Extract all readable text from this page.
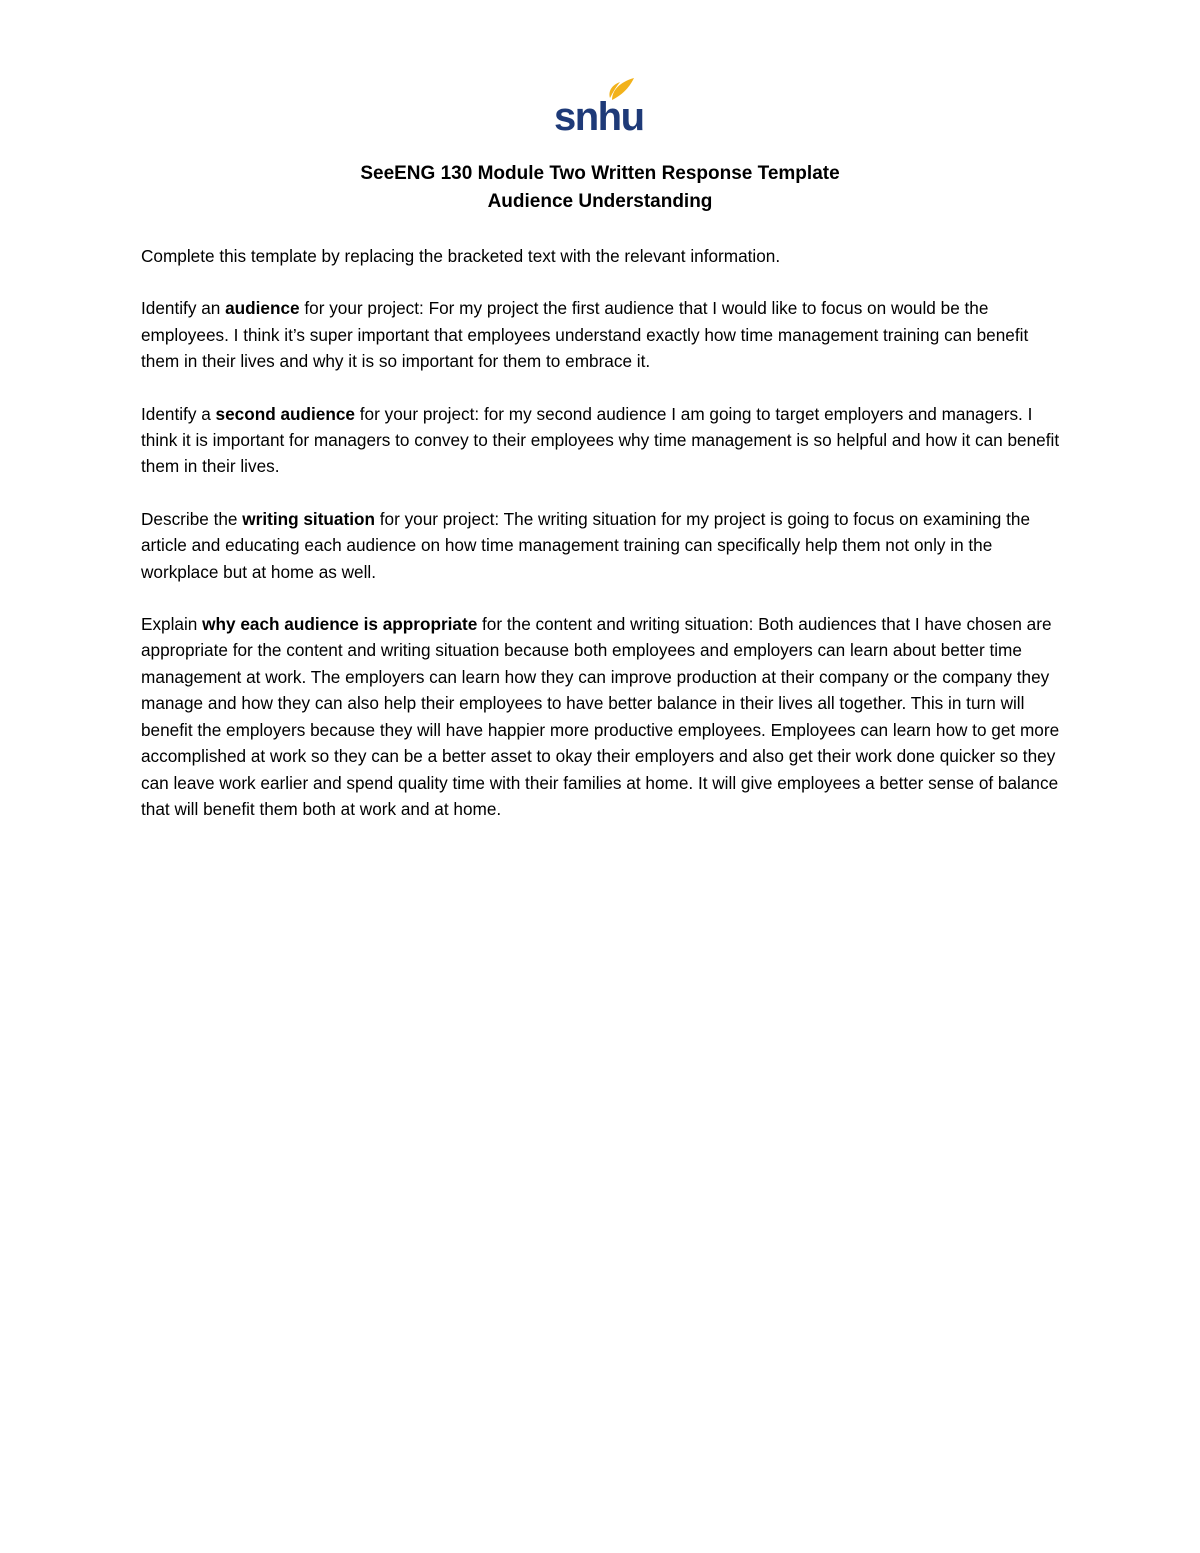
snhu
SeeENG 130 Module Two Written Response Template
Audience Understanding

Complete this template by replacing the bracketed text with the relevant information.

Identify an audience for your project: For my project the first audience that I would like to focus on would be the employees. I think it’s super important that employees understand exactly how time management training can benefit them in their lives and why it is so important for them to embrace it.

Identify a second audience for your project: for my second audience I am going to target employers and managers. I think it is important for managers to convey to their employees why time management is so helpful and how it can benefit them in their lives.

Describe the writing situation for your project: The writing situation for my project is going to focus on examining the article and educating each audience on how time management training can specifically help them not only in the workplace but at home as well.

Explain why each audience is appropriate for the content and writing situation: Both audiences that I have chosen are appropriate for the content and writing situation because both employees and employers can learn about better time management at work. The employers can learn how they can improve production at their company or the company they manage and how they can also help their employees to have better balance in their lives all together. This in turn will benefit the employers because they will have happier more productive employees. Employees can learn how to get more accomplished at work so they can be a better asset to okay their employers and also get their work done quicker so they can leave work earlier and spend quality time with their families at home. It will give employees a better sense of balance that will benefit them both at work and at home.
